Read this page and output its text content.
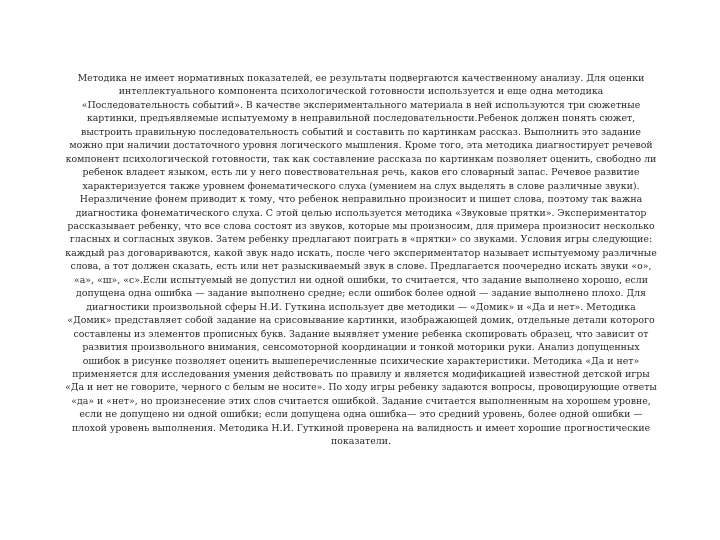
Методика не имеет нормативных показателей, ее результаты подвергаются качественному анализу. Для оценки
интеллектуального компонента психологической готовности используется и еще одна методика
«Последовательность событий». В качестве экспериментального материала в ней используются три сюжетные
картинки, предъявляемые испытуемому в неправильной последовательности.Ребенок должен понять сюжет,
выстроить правильную последовательность событий и составить по картинкам рассказ. Выполнить это задание
можно при наличии достаточного уровня логического мышления. Кроме того, эта методика диагностирует речевой
компонент психологической готовности, так как составление рассказа по картинкам позволяет оценить, свободно ли
ребенок владеет языком, есть ли у него повествовательная речь, каков его словарный запас. Речевое развитие
характеризуется также уровнем фонематического слуха (умением на слух выделять в слове различные звуки).
Неразличение фонем приводит к тому, что ребенок неправильно произносит и пишет слова, поэтому так важна
диагностика фонематического слуха. С этой целью используется методика «Звуковые прятки». Экспериментатор
рассказывает ребенку, что все слова состоят из звуков, которые мы произносим, для примера произносит несколько
гласных и согласных звуков. Затем ребенку предлагают поиграть в «прятки» со звуками. Условия игры следующие:
каждый раз договариваются, какой звук надо искать, после чего экспериментатор называет испытуемому различные
слова, а тот должен сказать, есть или нет разыскиваемый звук в слове. Предлагается поочередно искать звуки «о»,
«а», «ш», «с».Если испытуемый не допустил ни одной ошибки, то считается, что задание выполнено хорошо, если
допущена одна ошибка — задание выполнено средне; если ошибок более одной — задание выполнено плохо. Для
диагностики произвольной сферы Н.И. Гуткина использует две методики — «Домик» и «Да и нет». Методика
«Домик» представляет собой задание на срисовывание картинки, изображающей домик, отдельные детали которого
составлены из элементов прописных букв. Задание выявляет умение ребенка скопировать образец, что зависит от
развития произвольного внимания, сенсомоторной координации и тонкой моторики руки. Анализ допущенных
ошибок в рисунке позволяет оценить вышеперечисленные психические характеристики. Методика «Да и нет»
применяется для исследования умения действовать по правилу и является модификацией известной детской игры
«Да и нет не говорите, черного с белым не носите». По ходу игры ребенку задаются вопросы, провоцирующие ответы
«да» и «нет», но произнесение этих слов считается ошибкой. Задание считается выполненным на хорошем уровне,
если не допущено ни одной ошибки; если допущена одна ошибка— это средний уровень, более одной ошибки —
плохой уровень выполнения. Методика Н.И. Гуткиной проверена на валидность и имеет хорошие прогностические
показатели.
